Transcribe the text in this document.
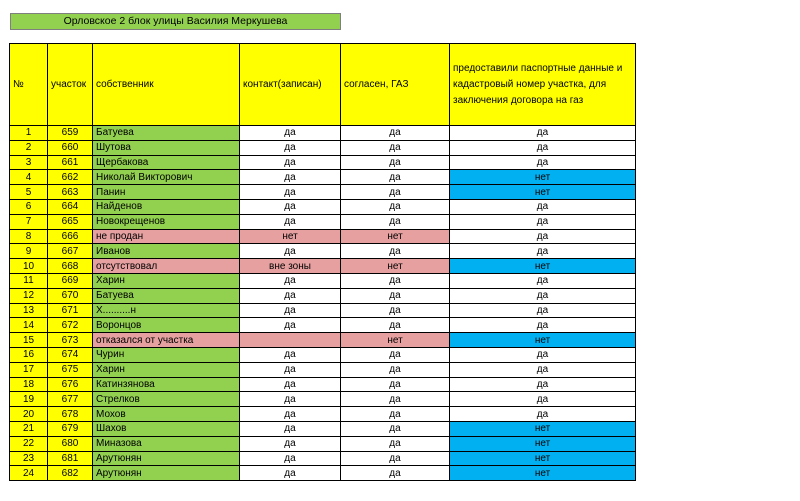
Орловское 2 блок улицы Василия Меркушева
№	участок	собственник	контакт(записан)	согласен, ГАЗ	предоставили паспортные данные и кадастровый номер участка, для заключения договора на газ
1	659	Батуева	да	да	да
2	660	Шутова	да	да	да
3	661	Щербакова	да	да	да
4	662	Николай Викторович	да	да	нет
5	663	Панин	да	да	нет
6	664	Найденов	да	да	да
7	665	Новокрещенов	да	да	да
8	666	не продан	нет	нет	да
9	667	Иванов	да	да	да
10	668	отсутствовал	вне зоны	нет	нет
11	669	Харин	да	да	да
12	670	Батуева	да	да	да
13	671	Х..........н	да	да	да
14	672	Воронцов	да	да	да
15	673	отказался от участка		нет	нет
16	674	Чурин	да	да	да
17	675	Харин	да	да	да
18	676	Катинзянова	да	да	да
19	677	Стрелков	да	да	да
20	678	Мохов	да	да	да
21	679	Шахов	да	да	нет
22	680	Миназова	да	да	нет
23	681	Арутюнян	да	да	нет
24	682	Арутюнян	да	да	нет
